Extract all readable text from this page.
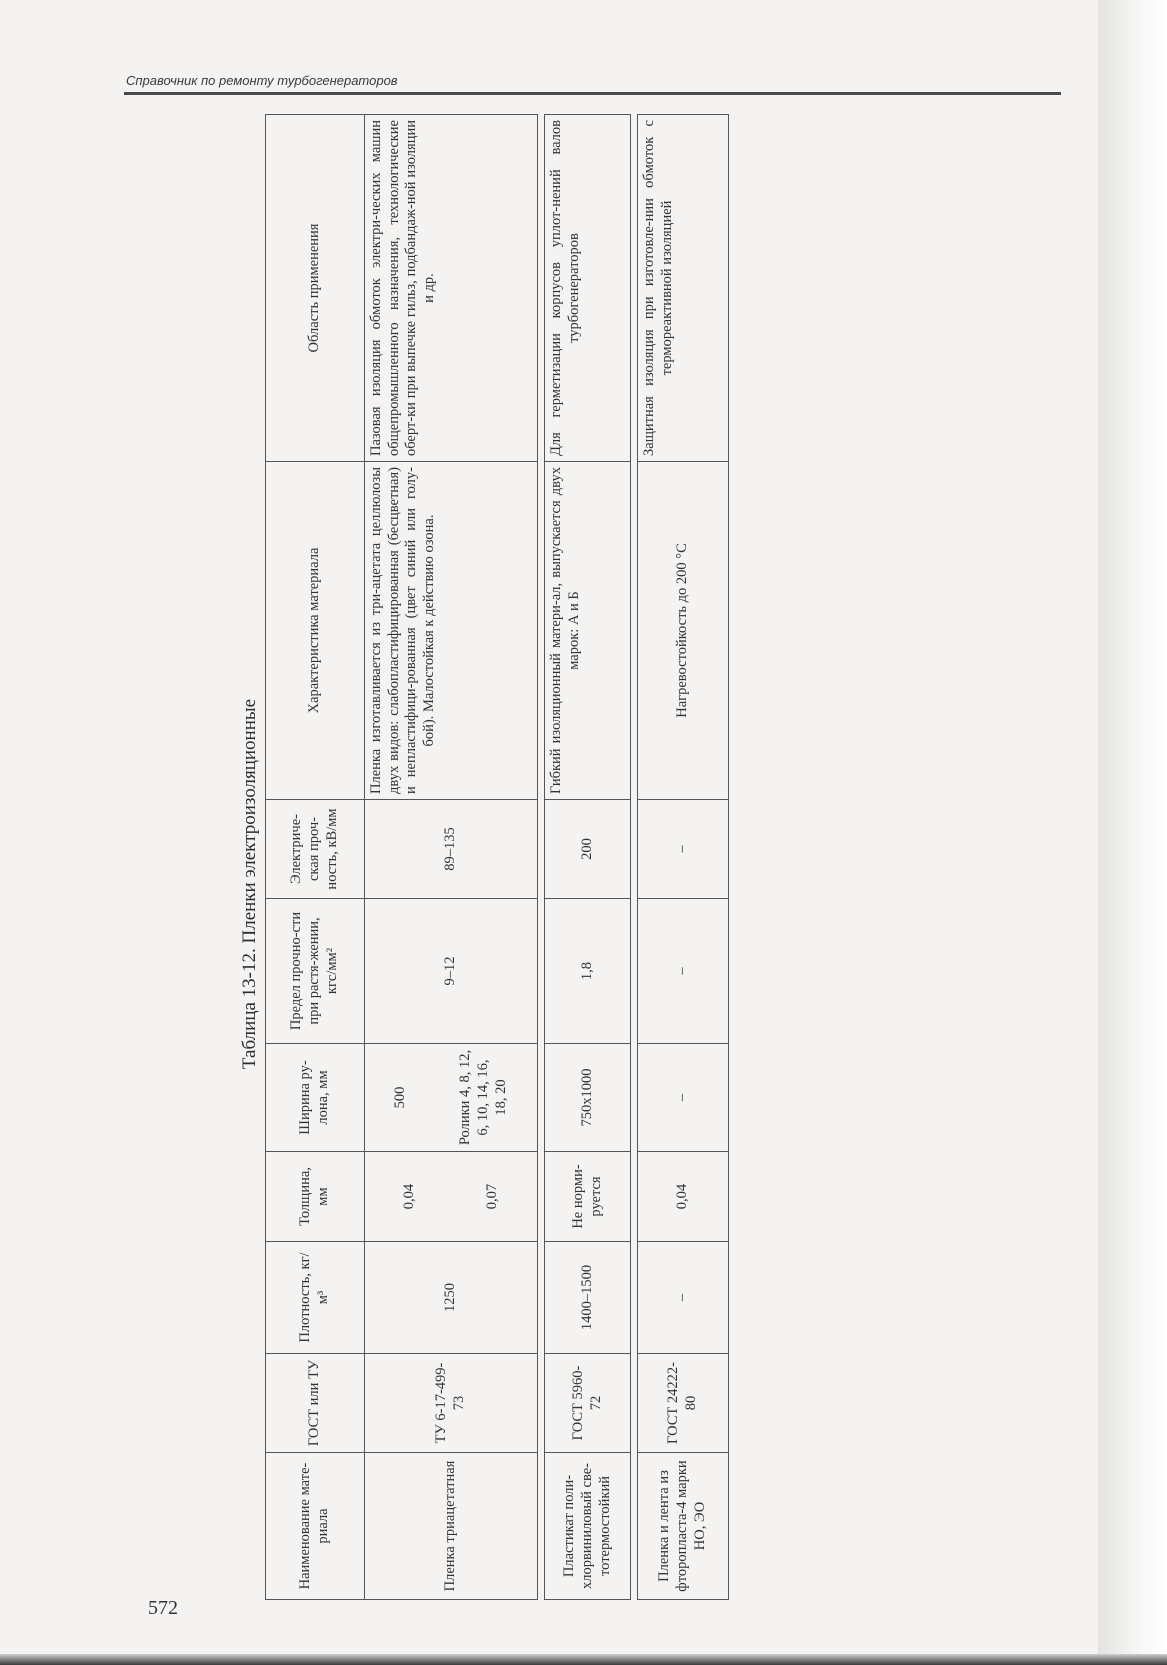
Справочник по ремонту турбогенераторов
Таблица 13-12. Пленки электроизоляционные
Наименование мате-риала	ГОСТ или ТУ	Плотность, кг/м³	Толщина, мм	Ширина ру-лона, мм	Предел прочно-сти при растя-жении, кгс/мм²	Электриче-ская проч-ность, кВ/мм	Характеристика материала	Область применения
Пленка триацетатная	ТУ 6-17-499-73	1250	0,04 0,07	500 Ролики 4, 8, 12, 6, 10, 14, 16, 18, 20	9–12	89–135	Пленка изготавливается из три-ацетата целлюлозы двух видов: слабопластифицированная (бесцветная) и непластифици-рованная (цвет синий или голу-бой). Малостойкая к действию озона.	Пазовая изоляция обмоток электри-ческих машин общепромышленного назначения, технологические оберт-ки при выпечке гильз, подбандаж-ной изоляции и др.

Пластикат поли-хлорвиниловый све-тотермостойкий	ГОСТ 5960-72	1400–1500	Не норми-руется	750х1000	1,8	200	Гибкий изоляционный матери-ал, выпускается двух марок: А и Б	Для герметизации корпусов уплот-нений валов турбогенераторов

Пленка и лента из фторопласта-4 марки НО, ЭО	ГОСТ 24222-80	–	0,04	–	–	–	Нагревостойкость до 200 °С	Защитная изоляция при изготовле-нии обмоток с термореактивной изоляцией
572
